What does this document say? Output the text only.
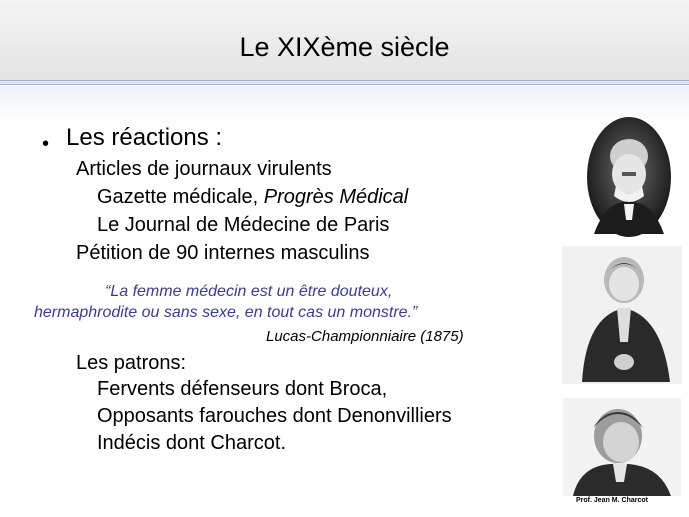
Le XIXème siècle
• Les réactions :
Articles de journaux virulents
Gazette médicale, Progrès Médical
Le Journal de Médecine de Paris
Pétition de 90 internes masculins
“La femme médecin est un être douteux,
hermaphrodite ou sans sexe, en tout cas un monstre.”
Lucas-Championniaire (1875)
Les patrons:
Fervents défenseurs dont Broca,
Opposants farouches dont Denonvilliers
Indécis dont Charcot.
Prof. Jean M. Charcot
